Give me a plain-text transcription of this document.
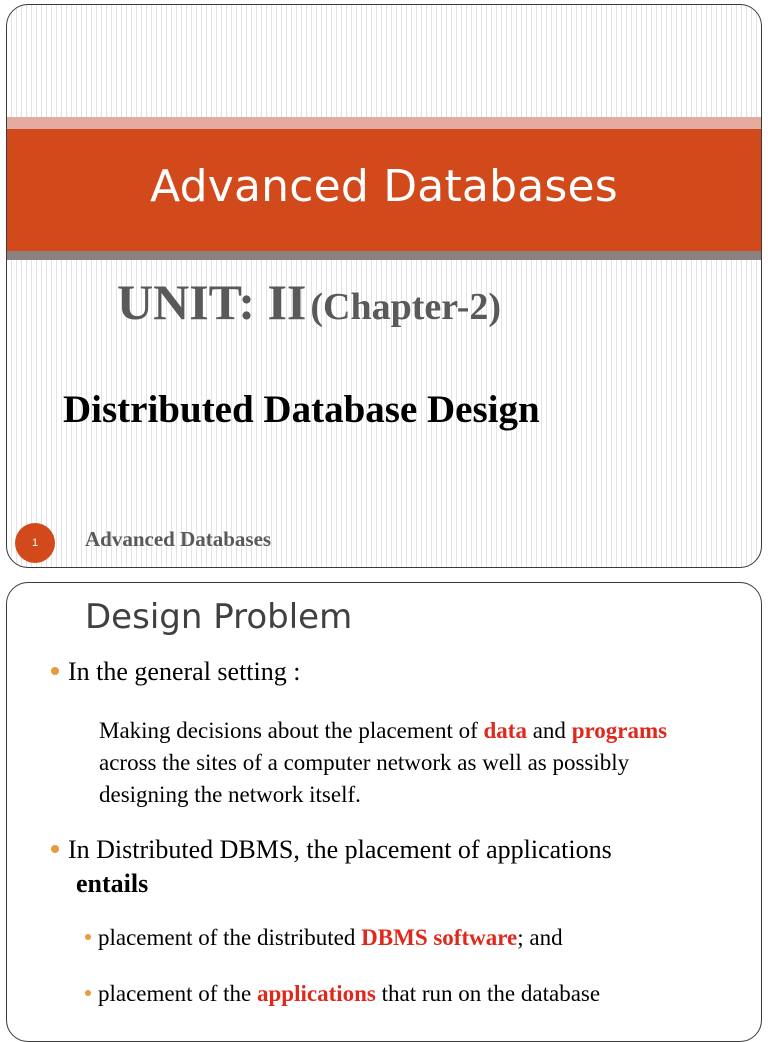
Advanced Databases
UNIT: II (Chapter-2)
Distributed Database Design
1 Advanced Databases
Design Problem
In the general setting :
Making decisions about the placement of data and programs across the sites of a computer network as well as possibly designing the network itself.
In Distributed DBMS, the placement of applications
entails
placement of the distributed DBMS software; and
placement of the applications that run on the database
